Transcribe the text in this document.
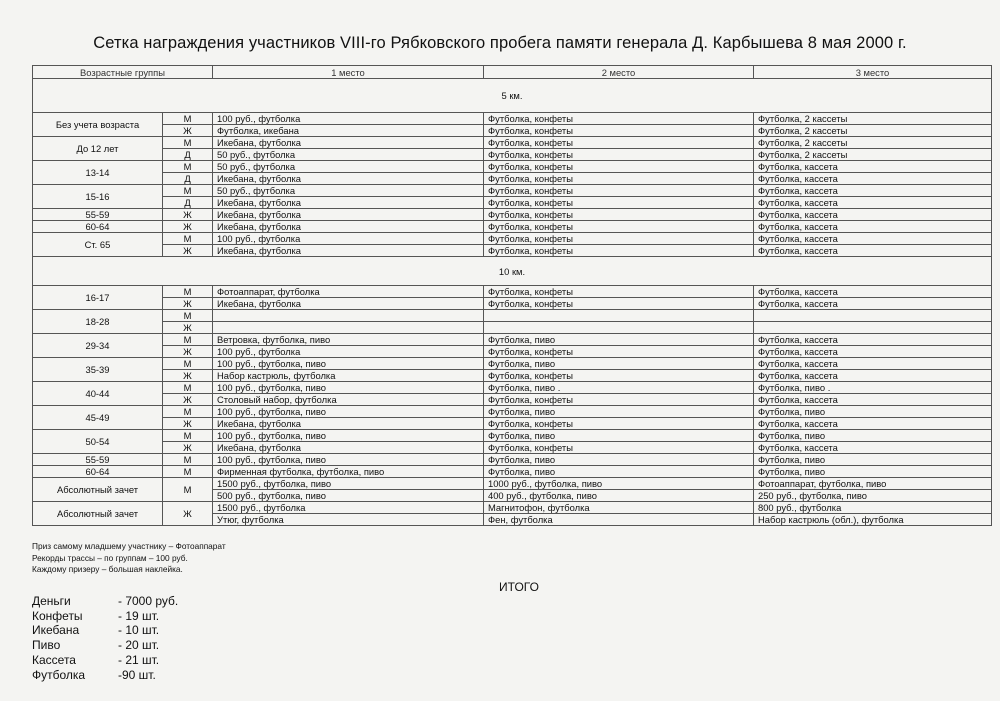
Сетка награждения участников VIII-го Рябковского пробега памяти генерала Д. Карбышева 8 мая 2000 г.
Возрастные группы		1 место	2 место	3 место
5 км.				
Без учета возраста	М	100 руб., футболка	Футболка, конфеты	Футболка, 2 кассеты
	Ж	Футболка, икебана	Футболка, конфеты	Футболка, 2 кассеты
До 12 лет	М	Икебана, футболка	Футболка, конфеты	Футболка, 2 кассеты
	Д	50 руб., футболка	Футболка, конфеты	Футболка, 2 кассеты
13-14	М	50 руб., футболка	Футболка, конфеты	Футболка, кассета
	Д	Икебана, футболка	Футболка, конфеты	Футболка, кассета
15-16	М	50 руб., футболка	Футболка, конфеты	Футболка, кассета
	Д	Икебана, футболка	Футболка, конфеты	Футболка, кассета
55-59	Ж	Икебана, футболка	Футболка, конфеты	Футболка, кассета
60-64	Ж	Икебана, футболка	Футболка, конфеты	Футболка, кассета
Ст. 65	М	100 руб., футболка	Футболка, конфеты	Футболка, кассета
	Ж	Икебана, футболка	Футболка, конфеты	Футболка, кассета
10 км.				
16-17	М	Фотоаппарат, футболка	Футболка, конфеты	Футболка, кассета
	Ж	Икебана, футболка	Футболка, конфеты	Футболка, кассета
18-28	М			
	Ж			
29-34	М	Ветровка, футболка, пиво	Футболка, пиво	Футболка, кассета
	Ж	100 руб., футболка	Футболка, конфеты	Футболка, кассета
35-39	М	100 руб., футболка, пиво	Футболка, пиво	Футболка, кассета
	Ж	Набор кастрюль, футболка	Футболка, конфеты	Футболка, кассета
40-44	М	100 руб., футболка, пиво	Футболка, пиво .	Футболка, пиво .
	Ж	Столовый набор, футболка	Футболка, конфеты	Футболка, кассета
45-49	М	100 руб., футболка, пиво	Футболка, пиво	Футболка, пиво
	Ж	Икебана, футболка	Футболка, конфеты	Футболка, кассета
50-54	М	100 руб., футболка, пиво	Футболка, пиво	Футболка, пиво
	Ж	Икебана, футболка	Футболка, конфеты	Футболка, кассета
55-59	М	100 руб., футболка, пиво	Футболка, пиво	Футболка, пиво
60-64	М	Фирменная футболка, футболка, пиво	Футболка, пиво	Футболка, пиво
Абсолютный зачет	М	1500 руб., футболка, пиво	1000 руб., футболка, пиво	Фотоаппарат, футболка, пиво
		500 руб., футболка, пиво	400 руб., футболка, пиво	250 руб., футболка, пиво
Абсолютный зачет	Ж	1500 руб., футболка	Магнитофон, футболка	800 руб., футболка
		Утюг, футболка	Фен, футболка	Набор кастрюль (обл.), футболка
Приз самому младшему участнику – Фотоаппарат
Рекорды трассы – по группам – 100 руб.
Каждому призеру – большая наклейка.
ИТОГО
Деньги	- 7000 руб.
Конфеты	- 19 шт.
Икебана	- 10 шт.
Пиво	- 20 шт.
Кассета	- 21 шт.
Футболка	-90 шт.
